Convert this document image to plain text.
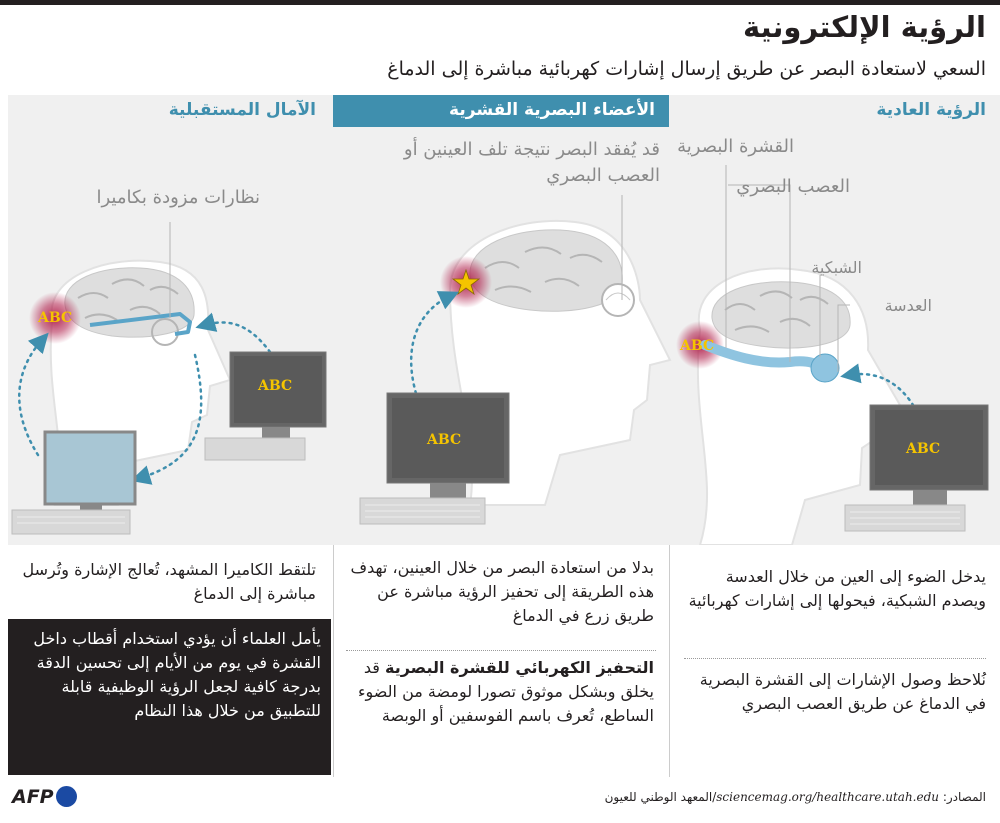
الرؤية الإلكترونية
السعي لاستعادة البصر عن طريق إرسال إشارات كهربائية مباشرة إلى الدماغ
الرؤية العادية
الأعضاء البصرية القشرية
الآمال المستقبلية
القشرة البصرية
العصب البصري
الشبكية
العدسة
قد يُفقد البصر نتيجة تلف العينين أو العصب البصري
نظارات مزودة بكاميرا
ABC
ABC
ABC
ABC
ABC
يدخل الضوء إلى العين من خلال العدسة ويصدم الشبكية، فيحولها إلى إشارات كهربائية
نُلاحظ وصول الإشارات إلى القشرة البصرية في الدماغ عن طريق العصب البصري
بدلا من استعادة البصر من خلال العينين، تهدف هذه الطريقة إلى تحفيز الرؤية مباشرة عن طريق زرع في الدماغ
التحفيز الكهربائي للقشرة البصرية قد يخلق وبشكل موثوق تصورا لومضة من الضوء الساطع، تُعرف باسم الفوسفين أو الوبصة
تلتقط الكاميرا المشهد، تُعالج الإشارة وتُرسل مباشرة إلى الدماغ
يأمل العلماء أن يؤدي استخدام أقطاب داخل القشرة في يوم من الأيام إلى تحسين الدقة بدرجة كافية لجعل الرؤية الوظيفية قابلة للتطبيق من خلال هذا النظام
المصادر: sciencemag.org/healthcare.utah.edu/المعهد الوطني للعيون
AFP
